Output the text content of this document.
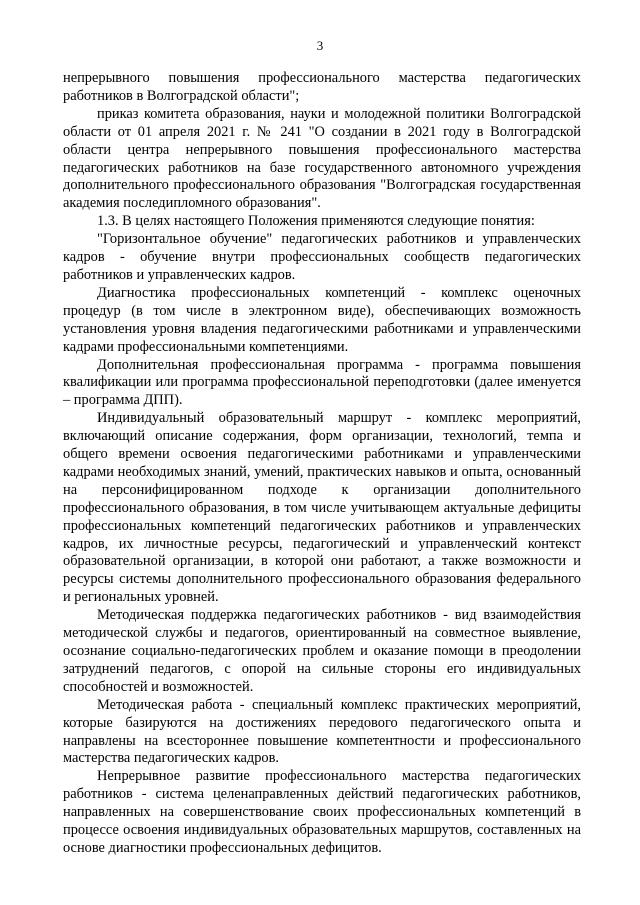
3

непрерывного повышения профессионального мастерства педагогических работников в Волгоградской области";

приказ комитета образования, науки и молодежной политики Волгоградской области от 01 апреля 2021 г. № 241 "О создании в 2021 году в Волгоградской области центра непрерывного повышения профессионального мастерства педагогических работников на базе государственного автономного учреждения дополнительного профессионального образования "Волгоградская государственная академия последипломного образования".

1.3. В целях настоящего Положения применяются следующие понятия:

"Горизонтальное обучение" педагогических работников и управленческих кадров - обучение внутри профессиональных сообществ педагогических работников и управленческих кадров.

Диагностика профессиональных компетенций - комплекс оценочных процедур (в том числе в электронном виде), обеспечивающих возможность установления уровня владения педагогическими работниками и управленческими кадрами профессиональными компетенциями.

Дополнительная профессиональная программа - программа повышения квалификации или программа профессиональной переподготовки (далее именуется – программа ДПП).

Индивидуальный образовательный маршрут - комплекс мероприятий, включающий описание содержания, форм организации, технологий, темпа и общего времени освоения педагогическими работниками и управленческими кадрами необходимых знаний, умений, практических навыков и опыта, основанный на персонифицированном подходе к организации дополнительного профессионального образования, в том числе учитывающем актуальные дефициты профессиональных компетенций педагогических работников и управленческих кадров, их личностные ресурсы, педагогический и управленческий контекст образовательной организации, в которой они работают, а также возможности и ресурсы системы дополнительного профессионального образования федерального и региональных уровней.

Методическая поддержка педагогических работников - вид взаимодействия методической службы и педагогов, ориентированный на совместное выявление, осознание социально-педагогических проблем и оказание помощи в преодолении затруднений педагогов, с опорой на сильные стороны его индивидуальных способностей и возможностей.

Методическая работа - специальный комплекс практических мероприятий, которые базируются на достижениях передового педагогического опыта и направлены на всестороннее повышение компетентности и профессионального мастерства педагогических кадров.

Непрерывное развитие профессионального мастерства педагогических работников - система целенаправленных действий педагогических работников, направленных на совершенствование своих профессиональных компетенций в процессе освоения индивидуальных образовательных маршрутов, составленных на основе диагностики профессиональных дефицитов.
